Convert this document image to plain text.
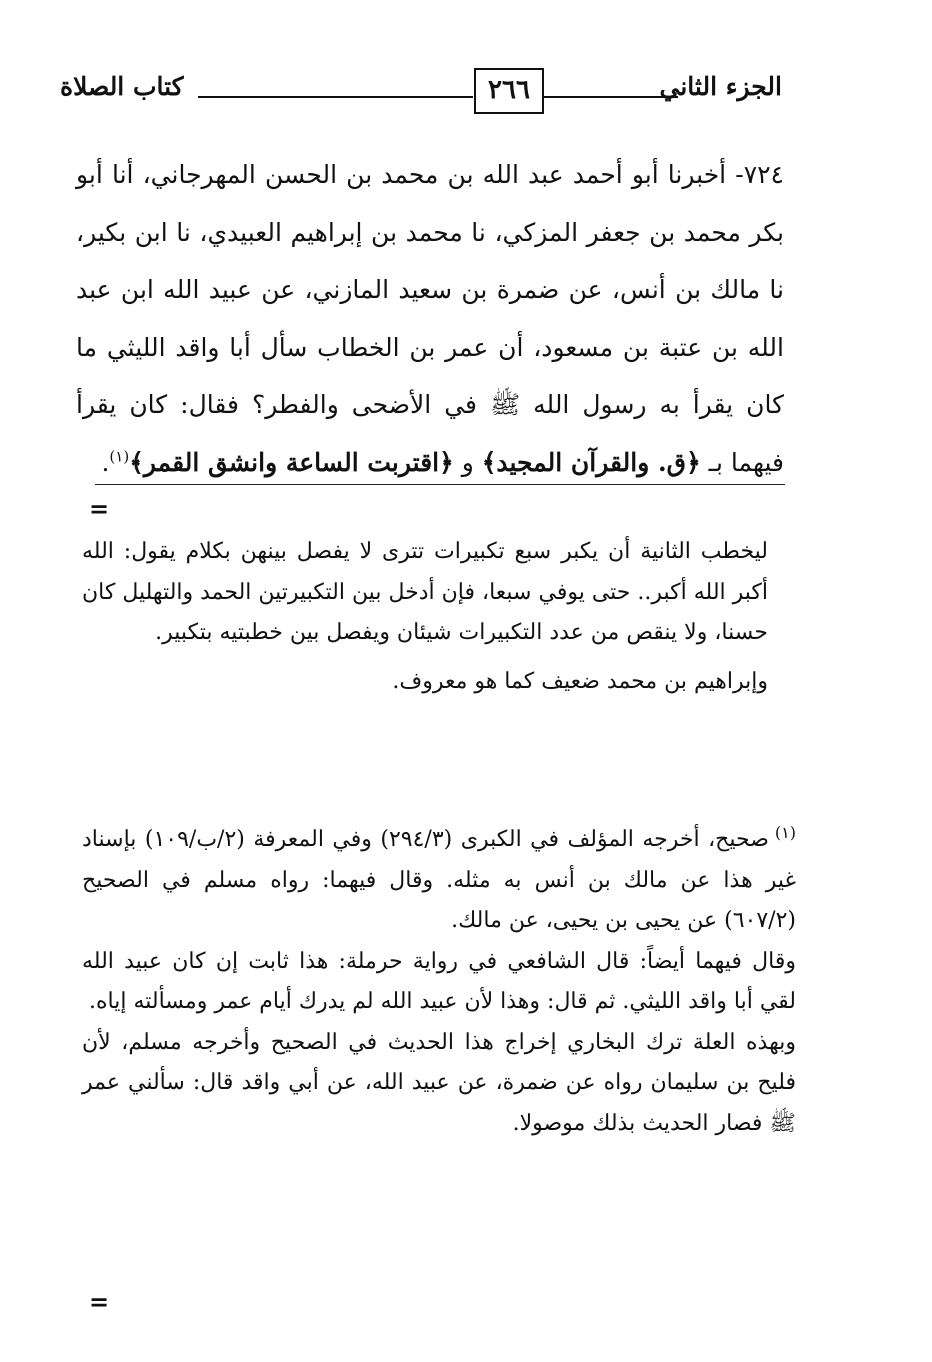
الجزء الثاني
٢٦٦
كتاب الصلاة
٧٢٤- أخبرنا أبو أحمد عبد الله بن محمد بن الحسن المهرجاني، أنا أبو بكر محمد بن جعفر المزكي، نا محمد بن إبراهيم العبيدي، نا ابن بكير، نا مالك بن أنس، عن ضمرة بن سعيد المازني، عن عبيد الله ابن عبد الله بن عتبة بن مسعود، أن عمر بن الخطاب سأل أبا واقد الليثي ما كان يقرأ به رسول الله ﷺ في الأضحى والفطر؟ فقال: كان يقرأ فيهما بـ ﴿ق. والقرآن المجيد﴾ و ﴿اقتربت الساعة وانشق القمر﴾$^{(١)}$.
=

ليخطب الثانية أن يكبر سبع تكبيرات تترى لا يفصل بينهن بكلام يقول: الله أكبر الله أكبر.. حتى يوفي سبعا، فإن أدخل بين التكبيرتين الحمد والتهليل كان حسنا، ولا ينقص من عدد التكبيرات شيئان ويفصل بين خطبتيه بتكبير.

وإبراهيم بن محمد ضعيف كما هو معروف.

$^{(١)}$صحيح، أخرجه المؤلف في الكبرى (٢٩٤/٣) وفي المعرفة (٢/ب/١٠٩) بإسناد غير هذا عن مالك بن أنس به مثله. وقال فيهما: رواه مسلم في الصحيح (٦٠٧/٢) عن يحيى بن يحيى، عن مالك.

وقال فيهما أيضاً: قال الشافعي في رواية حرملة: هذا ثابت إن كان عبيد الله لقي أبا واقد الليثي. ثم قال: وهذا لأن عبيد الله لم يدرك أيام عمر ومسألته إياه.

وبهذه العلة ترك البخاري إخراج هذا الحديث في الصحيح وأخرجه مسلم، لأن فليح بن سليمان رواه عن ضمرة، عن عبيد الله، عن أبي واقد قال: سألني عمر ﷺ فصار الحديث بذلك موصولا.

=
